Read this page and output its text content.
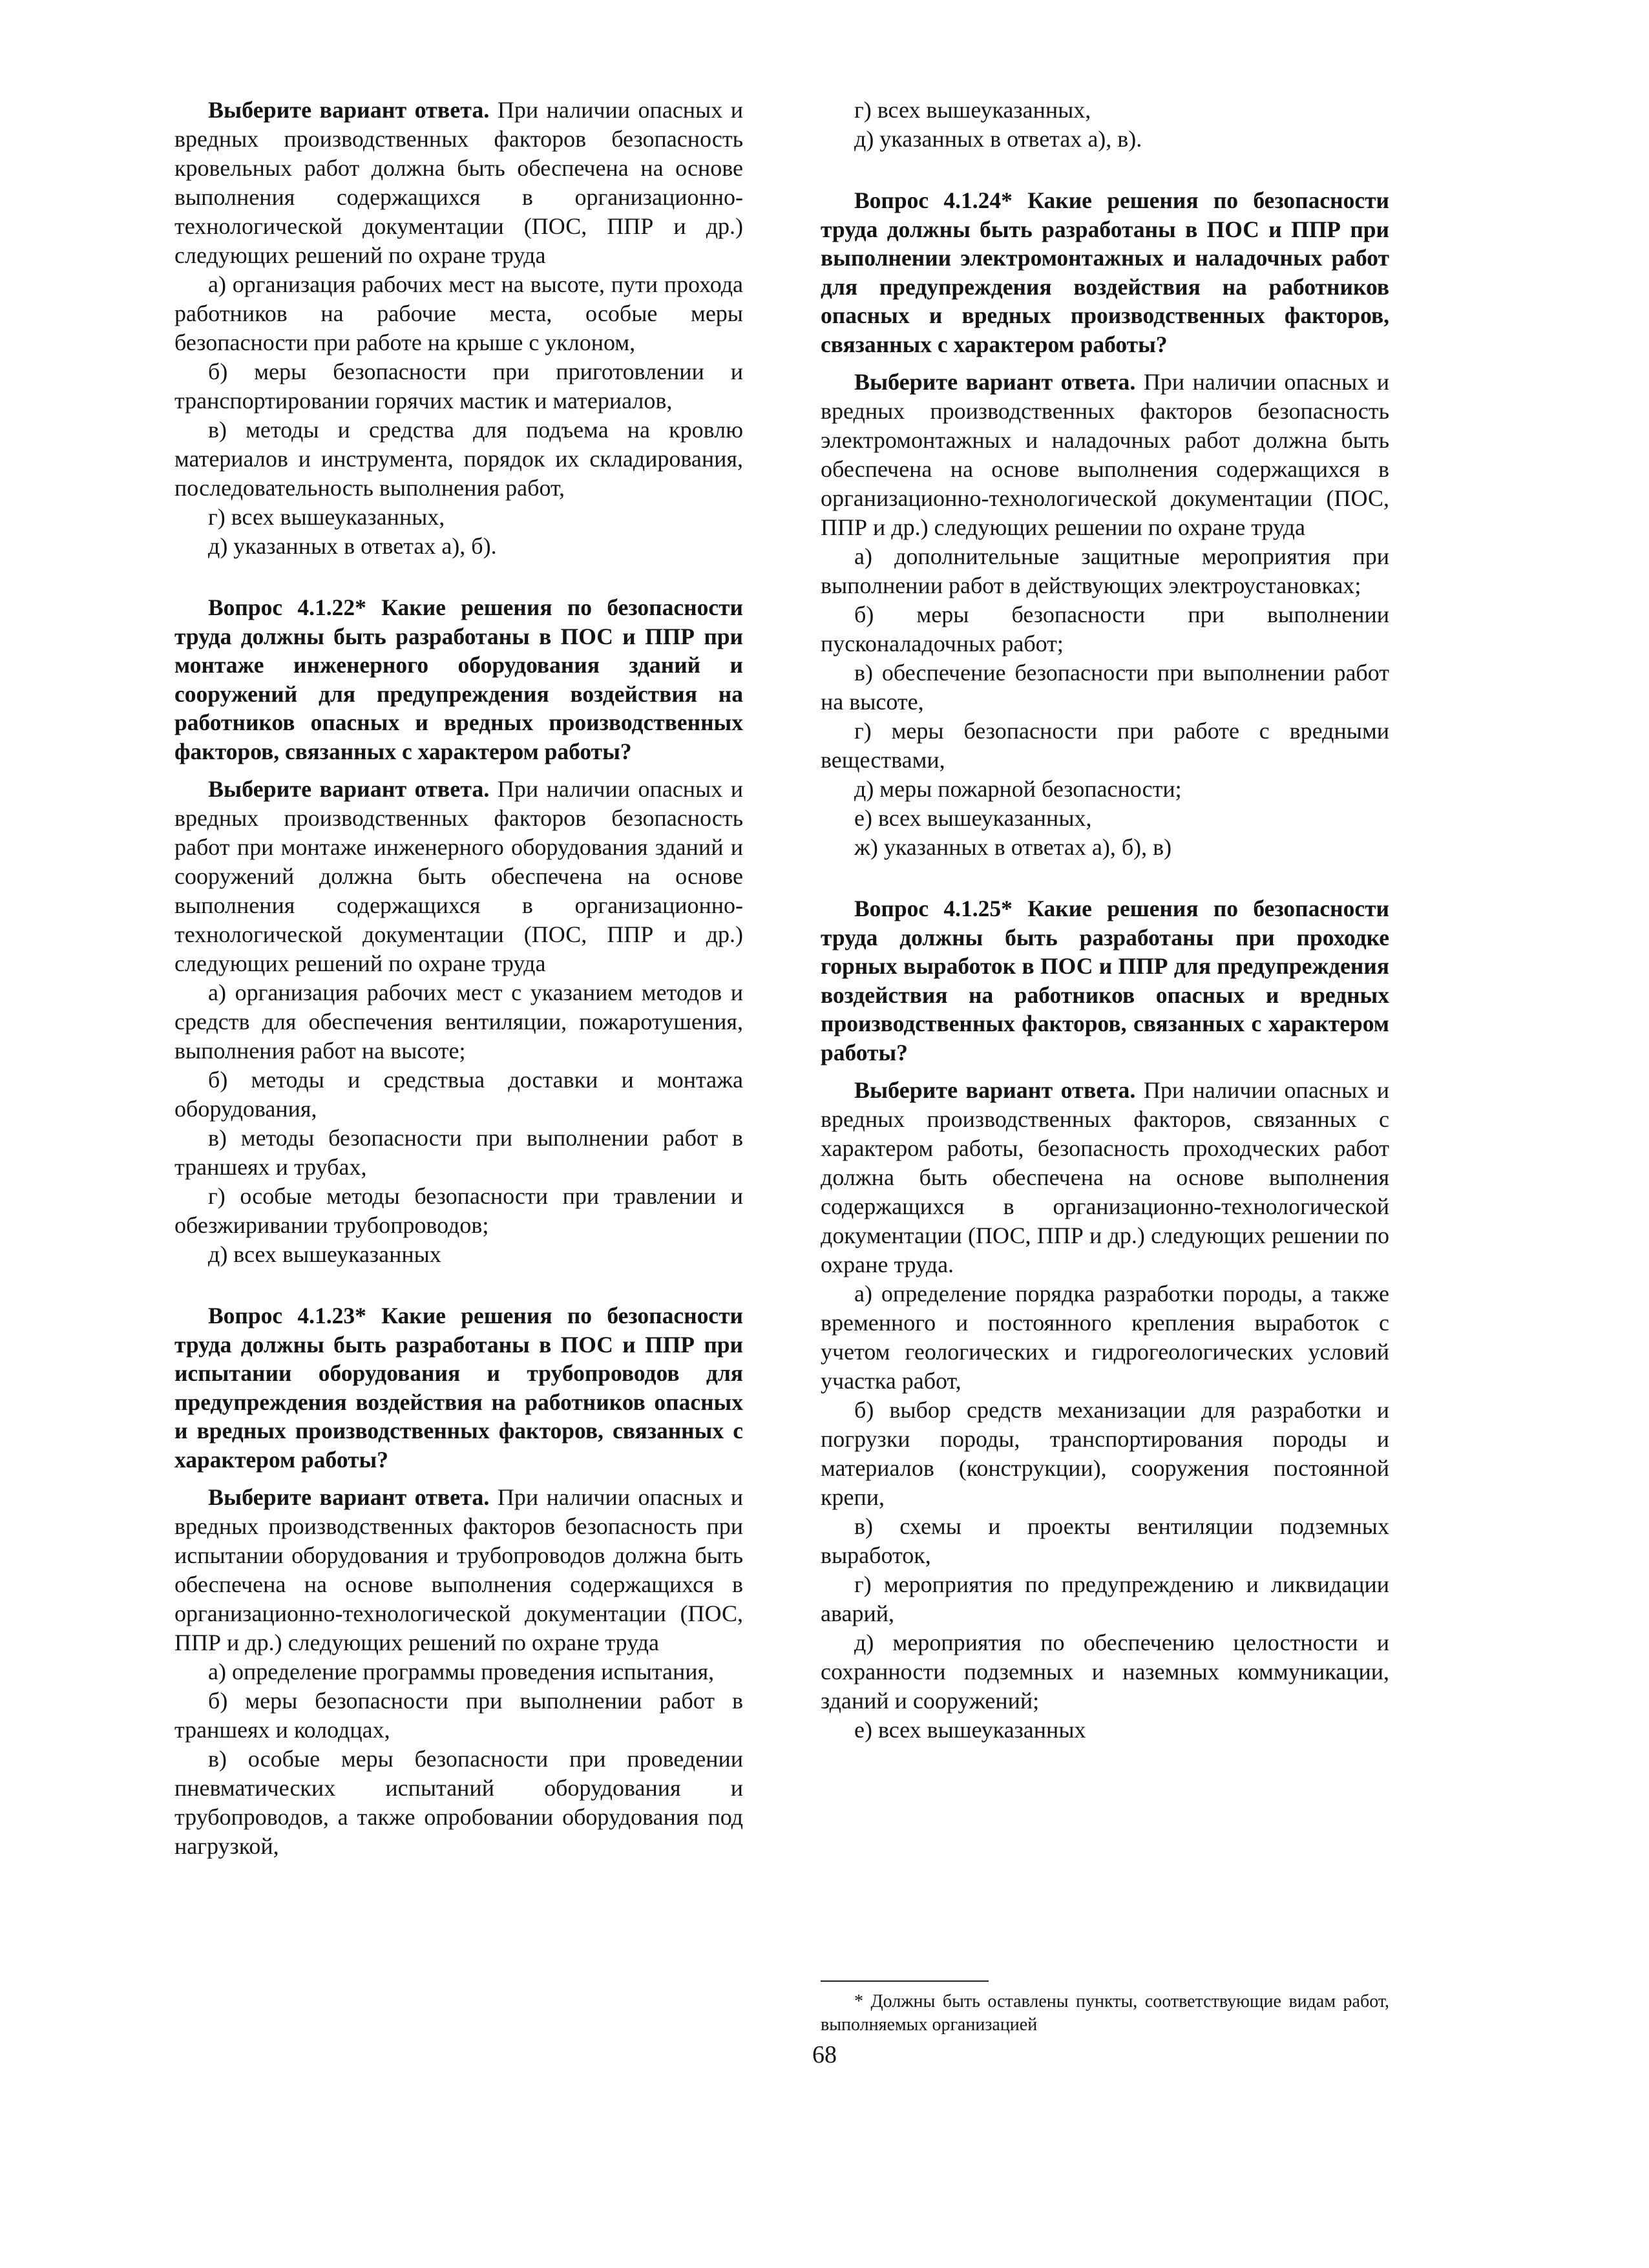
Выберите вариант ответа. При наличии опасных и вредных производственных факторов безопасность кровельных работ должна быть обеспечена на основе выполнения содержащихся в организационно-технологической документации (ПОС, ППР и др.) следующих решений по охране труда

а) организация рабочих мест на высоте, пути прохода работников на рабочие места, особые меры безопасности при работе на крыше с уклоном,

б) меры безопасности при приготовлении и транспортировании горячих мастик и материалов,

в) методы и средства для подъема на кровлю материалов и инструмента, порядок их складирования, последовательность выполнения работ,

г) всех вышеуказанных,

д) указанных в ответах а), б).

Вопрос 4.1.22* Какие решения по безопасности труда должны быть разработаны в ПОС и ППР при монтаже инженерного оборудования зданий и сооружений для предупреждения воздействия на работников опасных и вредных производственных факторов, связанных с характером работы?

Выберите вариант ответа. При наличии опасных и вредных производственных факторов безопасность работ при монтаже инженерного оборудования зданий и сооружений должна быть обеспечена на основе выполнения содержащихся в организационно-технологической документации (ПОС, ППР и др.) следующих решений по охране труда

а) организация рабочих мест с указанием методов и средств для обеспечения вентиляции, пожаротушения, выполнения работ на высоте;

б) методы и средствыа доставки и монтажа оборудования,

в) методы безопасности при выполнении работ в траншеях и трубах,

г) особые методы безопасности при травлении и обезжиривании трубопроводов;

д) всех вышеуказанных

Вопрос 4.1.23* Какие решения по безопасности труда должны быть разработаны в ПОС и ППР при испытании оборудования и трубопроводов для предупреждения воздействия на работников опасных и вредных производственных факторов, связанных с характером работы?

Выберите вариант ответа. При наличии опасных и вредных производственных факторов безопасность при испытании оборудования и трубопроводов должна быть обеспечена на основе выполнения содержащихся в организационно-технологической документации (ПОС, ППР и др.) следующих решений по охране труда

а) определение программы проведения испытания,

б) меры безопасности при выполнении работ в траншеях и колодцах,

в) особые меры безопасности при проведении пневматических испытаний оборудования и трубопроводов, а также опробовании оборудования под нагрузкой,

г) всех вышеуказанных,

д) указанных в ответах а), в).

Вопрос 4.1.24* Какие решения по безопасности труда должны быть разработаны в ПОС и ППР при выполнении электромонтажных и наладочных работ для предупреждения воздействия на работников опасных и вредных производственных факторов, связанных с характером работы?

Выберите вариант ответа. При наличии опасных и вредных производственных факторов безопасность электромонтажных и наладочных работ должна быть обеспечена на основе выполнения содержащихся в организационно-технологической документации (ПОС, ППР и др.) следующих решении по охране труда

а) дополнительные защитные мероприятия при выполнении работ в действующих электроустановках;

б) меры безопасности при выполнении пусконаладочных работ;

в) обеспечение безопасности при выполнении работ на высоте,

г) меры безопасности при работе с вредными веществами,

д) меры пожарной безопасности;

е) всех вышеуказанных,

ж) указанных в ответах а), б), в)

Вопрос 4.1.25* Какие решения по безопасности труда должны быть разработаны при проходке горных выработок в ПОС и ППР для предупреждения воздействия на работников опасных и вредных производственных факторов, связанных с характером работы?

Выберите вариант ответа. При наличии опасных и вредных производственных факторов, связанных с характером работы, безопасность проходческих работ должна быть обеспечена на основе выполнения содержащихся в организационно-технологической документации (ПОС, ППР и др.) следующих решении по охране труда.

а) определение порядка разработки породы, а также временного и постоянного крепления выработок с учетом геологических и гидрогеологических условий участка работ,

б) выбор средств механизации для разработки и погрузки породы, транспортирования породы и материалов (конструкции), сооружения постоянной крепи,

в) схемы и проекты вентиляции подземных выработок,

г) мероприятия по предупреждению и ликвидации аварий,

д) мероприятия по обеспечению целостности и сохранности подземных и наземных коммуникации, зданий и сооружений;

е) всех вышеуказанных

* Должны быть оставлены пункты, соответствующие видам работ, выполняемых организацией

68
